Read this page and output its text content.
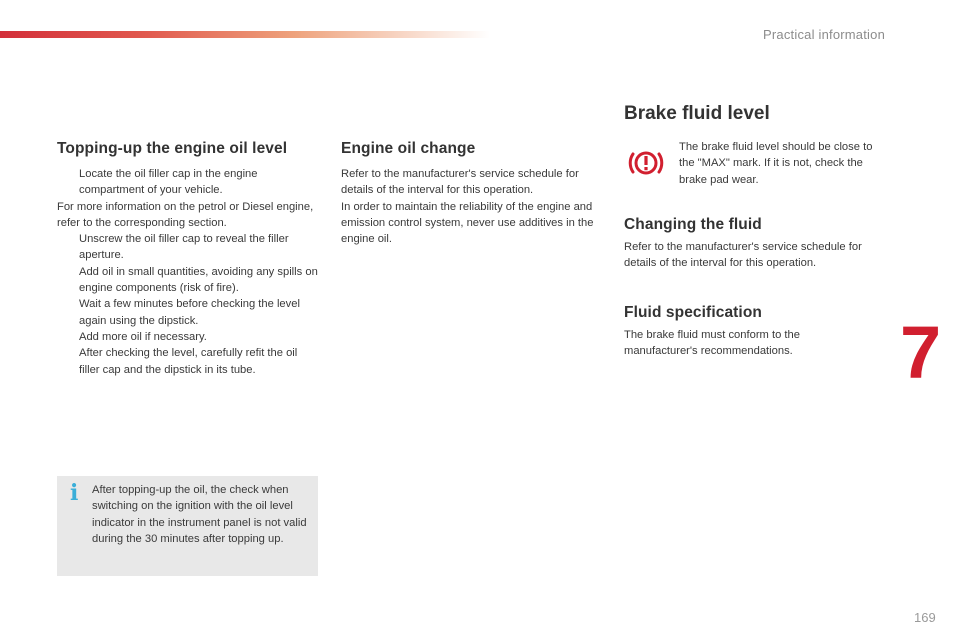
Practical information
Topping-up the engine oil level
Locate the oil filler cap in the engine compartment of your vehicle.

For more information on the petrol or Diesel engine, refer to the corresponding section.

Unscrew the oil filler cap to reveal the filler aperture.
Add oil in small quantities, avoiding any spills on engine components (risk of fire).
Wait a few minutes before checking the level again using the dipstick.
Add more oil if necessary.
After checking the level, carefully refit the oil filler cap and the dipstick in its tube.
i After topping-up the oil, the check when switching on the ignition with the oil level indicator in the instrument panel is not valid during the 30 minutes after topping up.

Engine oil change

Refer to the manufacturer's service schedule for details of the interval for this operation.

In order to maintain the reliability of the engine and emission control system, never use additives in the engine oil.

Brake fluid level

The brake fluid level should be close to the "MAX" mark. If it is not, check the brake pad wear.

Changing the fluid

Refer to the manufacturer's service schedule for details of the interval for this operation.

Fluid specification

The brake fluid must conform to the manufacturer's recommendations.	7
169
